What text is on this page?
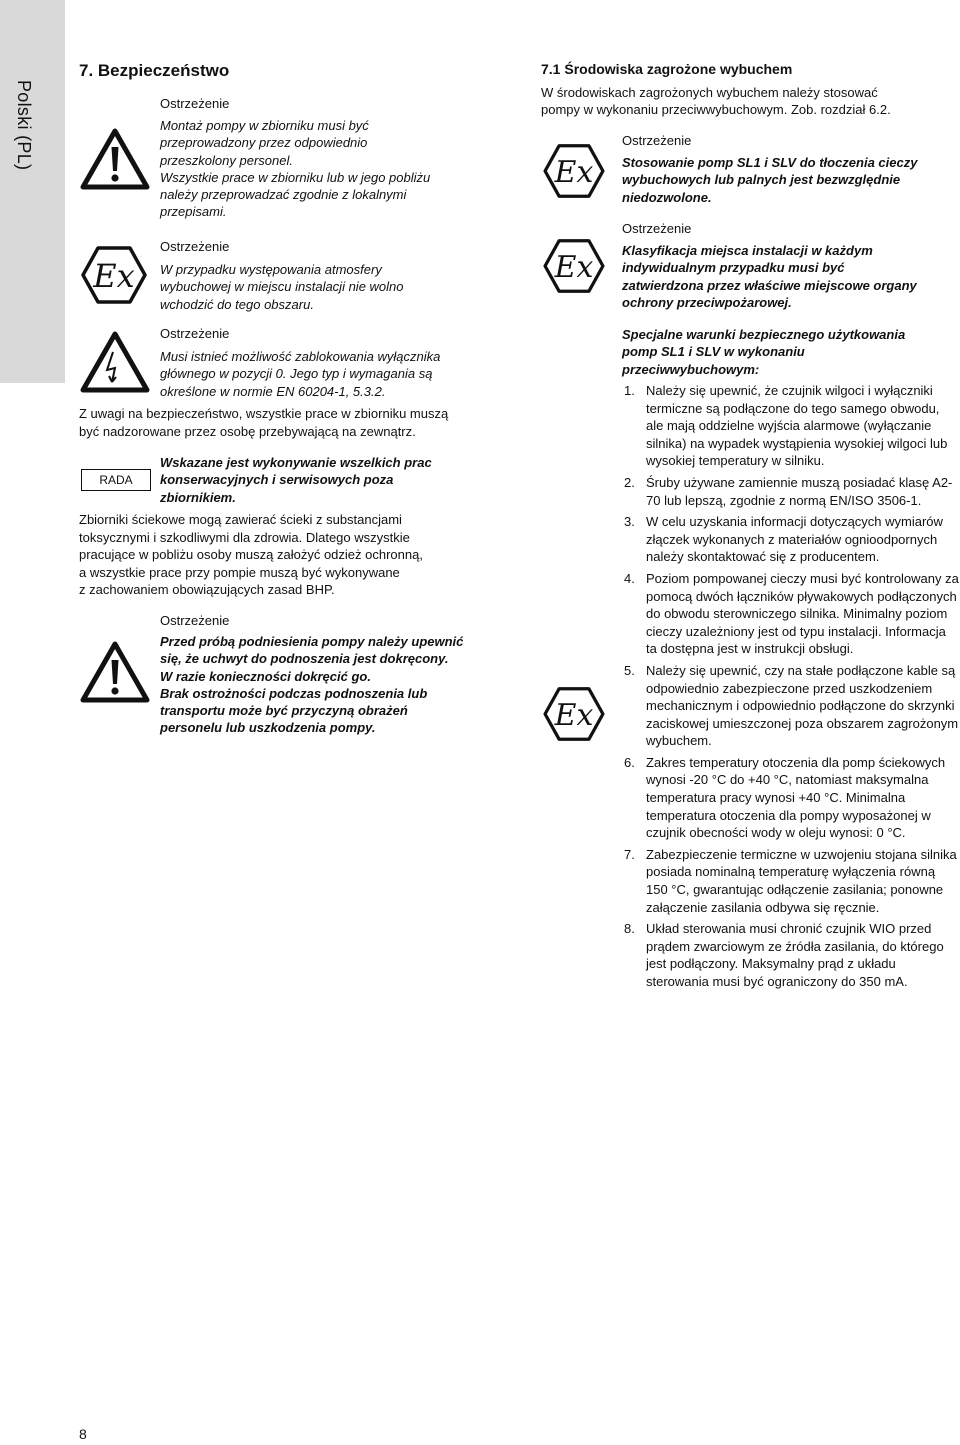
Polski (PL)
7. Bezpieczeństwo
Ostrzeżenie
Montaż pompy w zbiorniku musi być
przeprowadzony przez odpowiednio
przeszkolony personel.
Wszystkie prace w zbiorniku lub w jego pobliżu
należy przeprowadzać zgodnie z lokalnymi
przepisami.
Ex
Ostrzeżenie
W przypadku występowania atmosfery
wybuchowej w miejscu instalacji nie wolno
wchodzić do tego obszaru.
Ostrzeżenie
Musi istnieć możliwość zablokowania wyłącznika
głównego w pozycji 0. Jego typ i wymagania są
określone w normie EN 60204-1, 5.3.2.
Z uwagi na bezpieczeństwo, wszystkie prace w zbiorniku muszą
być nadzorowane przez osobę przebywającą na zewnątrz.
RADA
Wskazane jest wykonywanie wszelkich prac
konserwacyjnych i serwisowych poza
zbiornikiem.
Zbiorniki ściekowe mogą zawierać ścieki z substancjami
toksycznymi i szkodliwymi dla zdrowia. Dlatego wszystkie
pracujące w pobliżu osoby muszą założyć odzież ochronną,
a wszystkie prace przy pompie muszą być wykonywane
z zachowaniem obowiązujących zasad BHP.
Ostrzeżenie
Przed próbą podniesienia pompy należy upewnić
się, że uchwyt do podnoszenia jest dokręcony.
W razie konieczności dokręcić go.
Brak ostrożności podczas podnoszenia lub
transportu może być przyczyną obrażeń
personelu lub uszkodzenia pompy.
7.1 Środowiska zagrożone wybuchem
W środowiskach zagrożonych wybuchem należy stosować
pompy w wykonaniu przeciwwybuchowym. Zob. rozdział 6.2.
Ex
Ostrzeżenie
Stosowanie pomp SL1 i SLV do tłoczenia cieczy
wybuchowych lub palnych jest bezwzględnie
niedozwolone.
Ex
Ostrzeżenie
Klasyfikacja miejsca instalacji w każdym
indywidualnym przypadku musi być
zatwierdzona przez właściwe miejscowe organy
ochrony przeciwpożarowej.
Specjalne warunki bezpiecznego użytkowania
pomp SL1 i SLV w wykonaniu
przeciwwybuchowym:
Ex
1. Należy się upewnić, że czujnik wilgoci i wyłączniki termiczne są podłączone do tego samego obwodu, ale mają oddzielne wyjścia alarmowe (wyłączanie silnika) na wypadek wystąpienia wysokiej wilgoci lub wysokiej temperatury w silniku.
2. Śruby używane zamiennie muszą posiadać klasę A2-70 lub lepszą, zgodnie z normą EN/ISO 3506-1.
3. W celu uzyskania informacji dotyczących wymiarów złączek wykonanych z materiałów ognioodpornych należy skontaktować się z producentem.
4. Poziom pompowanej cieczy musi być kontrolowany za pomocą dwóch łączników pływakowych podłączonych do obwodu sterowniczego silnika. Minimalny poziom cieczy uzależniony jest od typu instalacji. Informacja ta dostępna jest w instrukcji obsługi.
5. Należy się upewnić, czy na stałe podłączone kable są odpowiednio zabezpieczone przed uszkodzeniem mechanicznym i odpowiednio podłączone do skrzynki zaciskowej umieszczonej poza obszarem zagrożonym wybuchem.
6. Zakres temperatury otoczenia dla pomp ściekowych wynosi -20 °C do +40 °C, natomiast maksymalna temperatura pracy wynosi +40 °C. Minimalna temperatura otoczenia dla pompy wyposażonej w czujnik obecności wody w oleju wynosi: 0 °C.
7. Zabezpieczenie termiczne w uzwojeniu stojana silnika posiada nominalną temperaturę wyłączenia równą 150 °C, gwarantując odłączenie zasilania; ponowne załączenie zasilania odbywa się ręcznie.
8. Układ sterowania musi chronić czujnik WIO przed prądem zwarciowym ze źródła zasilania, do którego jest podłączony. Maksymalny prąd z układu sterowania musi być ograniczony do 350 mA.
8
